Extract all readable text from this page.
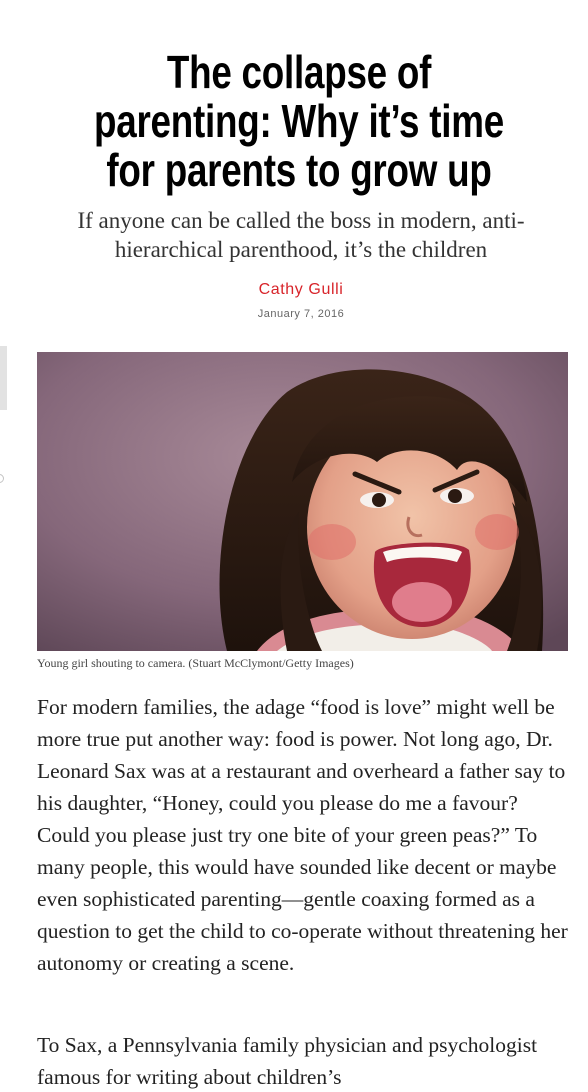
The collapse of parenting: Why it’s time for parents to grow up

If anyone can be called the boss in modern, anti-hierarchical parenthood, it’s the children

Cathy Gulli
January 7, 2016
Young girl shouting to camera. (Stuart McClymont/Getty Images)

For modern families, the adage “food is love” might well be more true put another way: food is power. Not long ago, Dr. Leonard Sax was at a restaurant and overheard a father say to his daughter, “Honey, could you please do me a favour? Could you please just try one bite of your green peas?” To many people, this would have sounded like decent or maybe even sophisticated parenting—gentle coaxing formed as a question to get the child to co-operate without threatening her autonomy or creating a scene.

To Sax, a Pennsylvania family physician and psychologist famous for writing about children’s
